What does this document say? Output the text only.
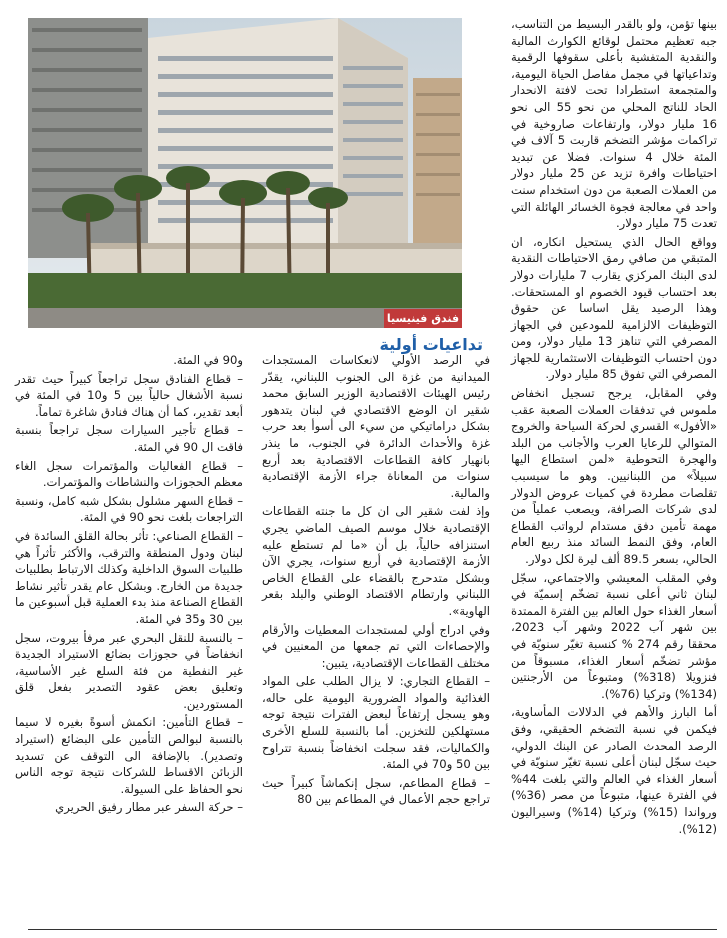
فندق فينيسيا
تداعيات أولية

بينها تؤمن، ولو بالقدر البسيط من التناسب، جبه تعظيم محتمل لوقائع الكوارث المالية والنقدية المتفشية بأعلى سقوفها الرقمية وتداعياتها في مجمل مفاصل الحياة اليومية، والمتجمعة استطرادا تحت لافتة الانحدار الحاد للناتج المحلي من نحو 55 الى نحو 16 مليار دولار، وارتفاعات صاروخية في تراكمات مؤشر التضخم قاربت 5 آلاف في المئة خلال 4 سنوات. فضلا عن تبديد احتياطات وافرة تزيد عن 25 مليار دولار من العملات الصعبة من دون استخدام سنت واحد في معالجة فجوة الخسائر الهائلة التي تعدت 75 مليار دولار.

وواقع الحال الذي يستحيل انكاره، ان المتبقي من صافي رمق الاحتياطات النقدية لدى البنك المركزي يقارب 7 مليارات دولار بعد احتساب قيود الخصوم او المستحقات. وهذا الرصيد يقل اساسا عن حقوق التوظيفات الالزامية للمودعين في الجهاز المصرفي التي تناهز 13 مليار دولار، ومن دون احتساب التوظيفات الاستثمارية للجهاز المصرفي التي تفوق 85 مليار دولار.

وفي المقابل، يرجح تسجيل انخفاض ملموس في تدفقات العملات الصعبة عقب «الأفول» القسري لحركة السياحة والخروج المتوالي للرعايا العرب والأجانب من البلد والهجرة التحوطية «لمن استطاع اليها سبيلاً» من اللبنانيين. وهو ما سيسبب تقلصات مطردة في كميات عروض الدولار لدى شركات الصرافة، ويصعب عملياً من مهمة تأمين دفق مستدام لرواتب القطاع العام، وفق النمط السائد منذ ربيع العام الحالي، بسعر 89.5 ألف ليرة لكل دولار.

وفي المقلب المعيشي والاجتماعي، سجّل لبنان ثاني أعلى نسبة تضخّم إسميّة في أسعار الغذاء حول العالم بين الفترة الممتدة بين شهر آب 2022 وشهر آب 2023، محققا رقم 274 % كنسبة تغيّر سنويّة في مؤشر تضخّم أسعار الغذاء، مسبوقاً من فنزويلا (318%) ومتبوعاً من الأرجنتين (134%) وتركيا (76%).

أما البارز والأهم في الدلالات المأساوية، فيكمن في نسبة التضخم الحقيقي، وفق الرصد المحدث الصادر عن البنك الدولي، حيث سجّل لبنان أعلى نسبة تغيّر سنويّة في أسعار الغذاء في العالم والتي بلغت 44% في الفترة عينها، متبوعاً من مصر (36%) ورواندا (15%) وتركيا (14%) وسيراليون (12%).

في الرصد الأولي لانعكاسات المستجدات الميدانية من غزة الى الجنوب اللبناني، يقدّر رئيس الهيئات الاقتصادية الوزير السابق محمد شقير ان الوضع الاقتصادي في لبنان يتدهور بشكل دراماتيكي من سيء الى أسوأ بعد حرب غزة والأحداث الدائرة في الجنوب، ما ينذر بانهيار كافة القطاعات الاقتصادية بعد أربع سنوات من المعاناة جراء الأزمة الإقتصادية والمالية.

وإذ لفت شقير الى ان كل ما جنته القطاعات الإقتصادية خلال موسم الصيف الماضي يجري استنزافه حالياً، بل أن «ما لم تستطع عليه الأزمة الإقتصادية في أربع سنوات، يجري الآن وبشكل متدحرج بالقضاء على القطاع الخاص اللبناني وارتطام الاقتصاد الوطني والبلد بقعر الهاوية».

وفي ادراج أولي لمستجدات المعطيات والأرقام والإحصاءات التي تم جمعها من المعنيين في مختلف القطاعات الإقتصادية، يتبين:

– القطاع التجاري: لا يزال الطلب على المواد الغذائية والمواد الضرورية اليومية على حاله، وهو يسجل إرتفاعاً لبعض الفترات نتيجة توجه مستهلكين للتخزين. أما بالنسبة للسلع الأخرى والكماليات، فقد سجلت انخفاضاً بنسبة تتراوح بين 50 و70 في المئة.

– قطاع المطاعم، سجل إنكماشاً كبيراً حيث تراجع حجم الأعمال في المطاعم بين 80

و90 في المئة.

– قطاع الفنادق سجل تراجعاً كبيراً حيث تقدر نسبة الأشغال حالياً بين 5 و10 في المئة في أبعد تقدير، كما أن هناك فنادق شاغرة تماماً.

– قطاع تأجير السيارات سجل تراجعاً بنسبة فاقت ال 90 في المئة.

– قطاع الفعاليات والمؤتمرات سجل الغاء معظم الحجوزات والنشاطات والمؤتمرات.

– قطاع السهر مشلول بشكل شبه كامل، ونسبة التراجعات بلغت نحو 90 في المئة.

– القطاع الصناعي: تأثر بحالة القلق السائدة في لبنان ودول المنطقة والترقب، والأكثر تأثراً هي طلبيات السوق الداخلية وكذلك الارتباط بطلبيات جديدة من الخارج. وبشكل عام يقدر تأثير نشاط القطاع الصناعة منذ بدء العملية قبل أسبوعين ما بين 30 و35 في المئة.

– بالنسبة للنقل البحري عبر مرفأ بيروت، سجل انخفاضاً في حجوزات بضائع الاستيراد الجديدة غير النفطية من فئة السلع غير الأساسية، وتعليق بعض عقود التصدير بفعل قلق المستوردين.

– قطاع التأمين: انكمش أسوةً بغيره لا سيما بالنسبة لبوالص التأمين على البضائع (استيراد وتصدير). بالإضافة الى التوقف عن تسديد الزبائن الاقساط للشركات نتيجة توجه الناس نحو الحفاظ على السيولة.

– حركة السفر عبر مطار رفيق الحريري
